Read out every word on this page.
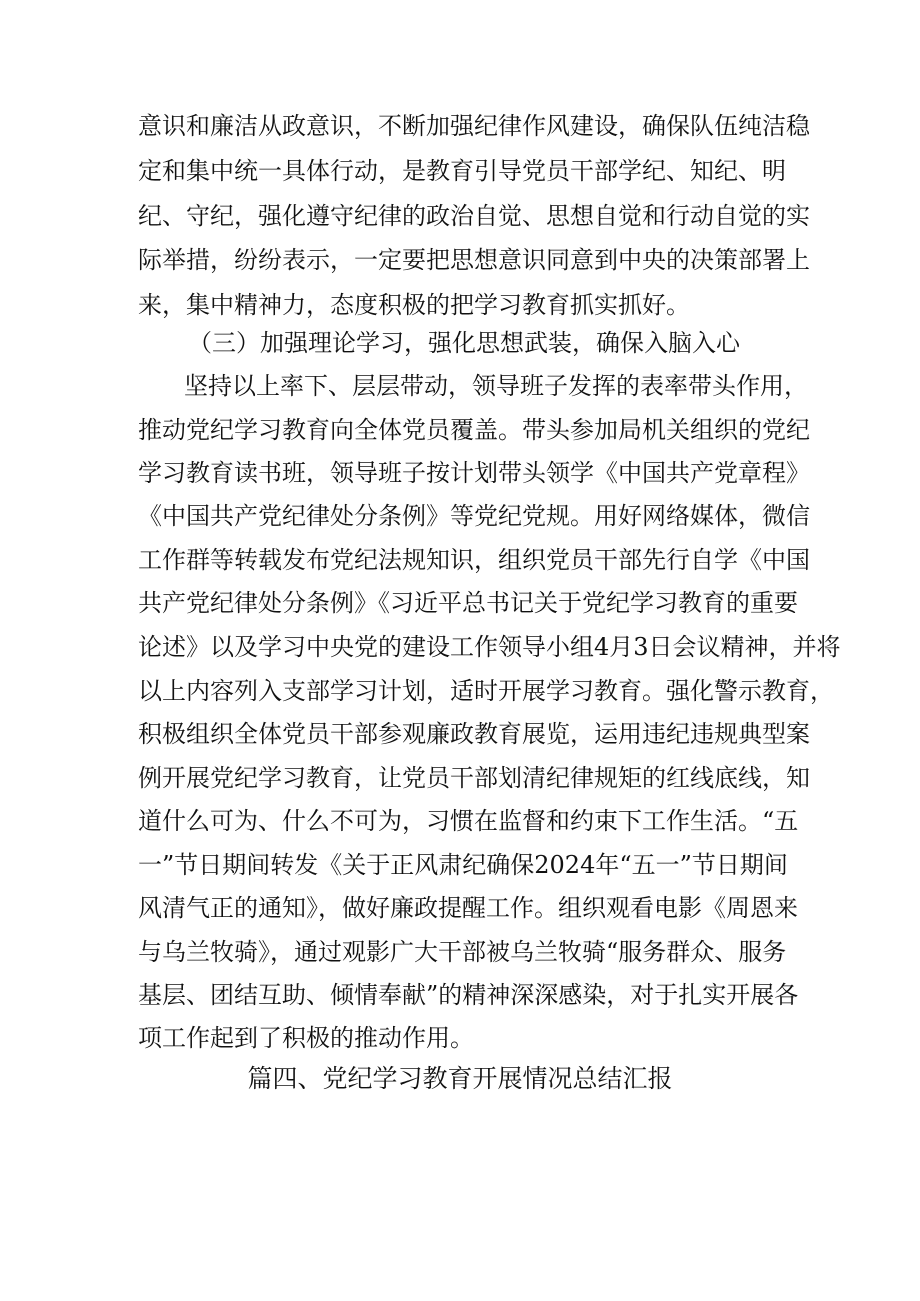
意识和廉洁从政意识，不断加强纪律作风建设，确保队伍纯洁稳
定和集中统一具体行动，是教育引导党员干部学纪、知纪、明
纪、守纪，强化遵守纪律的政治自觉、思想自觉和行动自觉的实
际举措，纷纷表示，一定要把思想意识同意到中央的决策部署上
来，集中精神力，态度积极的把学习教育抓实抓好。
（三）加强理论学习，强化思想武装，确保入脑入心
坚持以上率下、层层带动，领导班子发挥的表率带头作用，
推动党纪学习教育向全体党员覆盖。带头参加局机关组织的党纪
学习教育读书班，领导班子按计划带头领学《中国共产党章程》
《中国共产党纪律处分条例》等党纪党规。用好网络媒体，微信
工作群等转载发布党纪法规知识，组织党员干部先行自学《中国
共产党纪律处分条例》《习近平总书记关于党纪学习教育的重要
论述》以及学习中央党的建设工作领导小组4月3日会议精神，并将
以上内容列入支部学习计划，适时开展学习教育。强化警示教育，
积极组织全体党员干部参观廉政教育展览，运用违纪违规典型案
例开展党纪学习教育，让党员干部划清纪律规矩的红线底线，知
道什么可为、什么不可为，习惯在监督和约束下工作生活。“五
一”节日期间转发《关于正风肃纪确保2024年“五一”节日期间
风清气正的通知》，做好廉政提醒工作。组织观看电影《周恩来
与乌兰牧骑》，通过观影广大干部被乌兰牧骑“服务群众、服务
基层、团结互助、倾情奉献”的精神深深感染，对于扎实开展各
项工作起到了积极的推动作用。
篇四、党纪学习教育开展情况总结汇报
